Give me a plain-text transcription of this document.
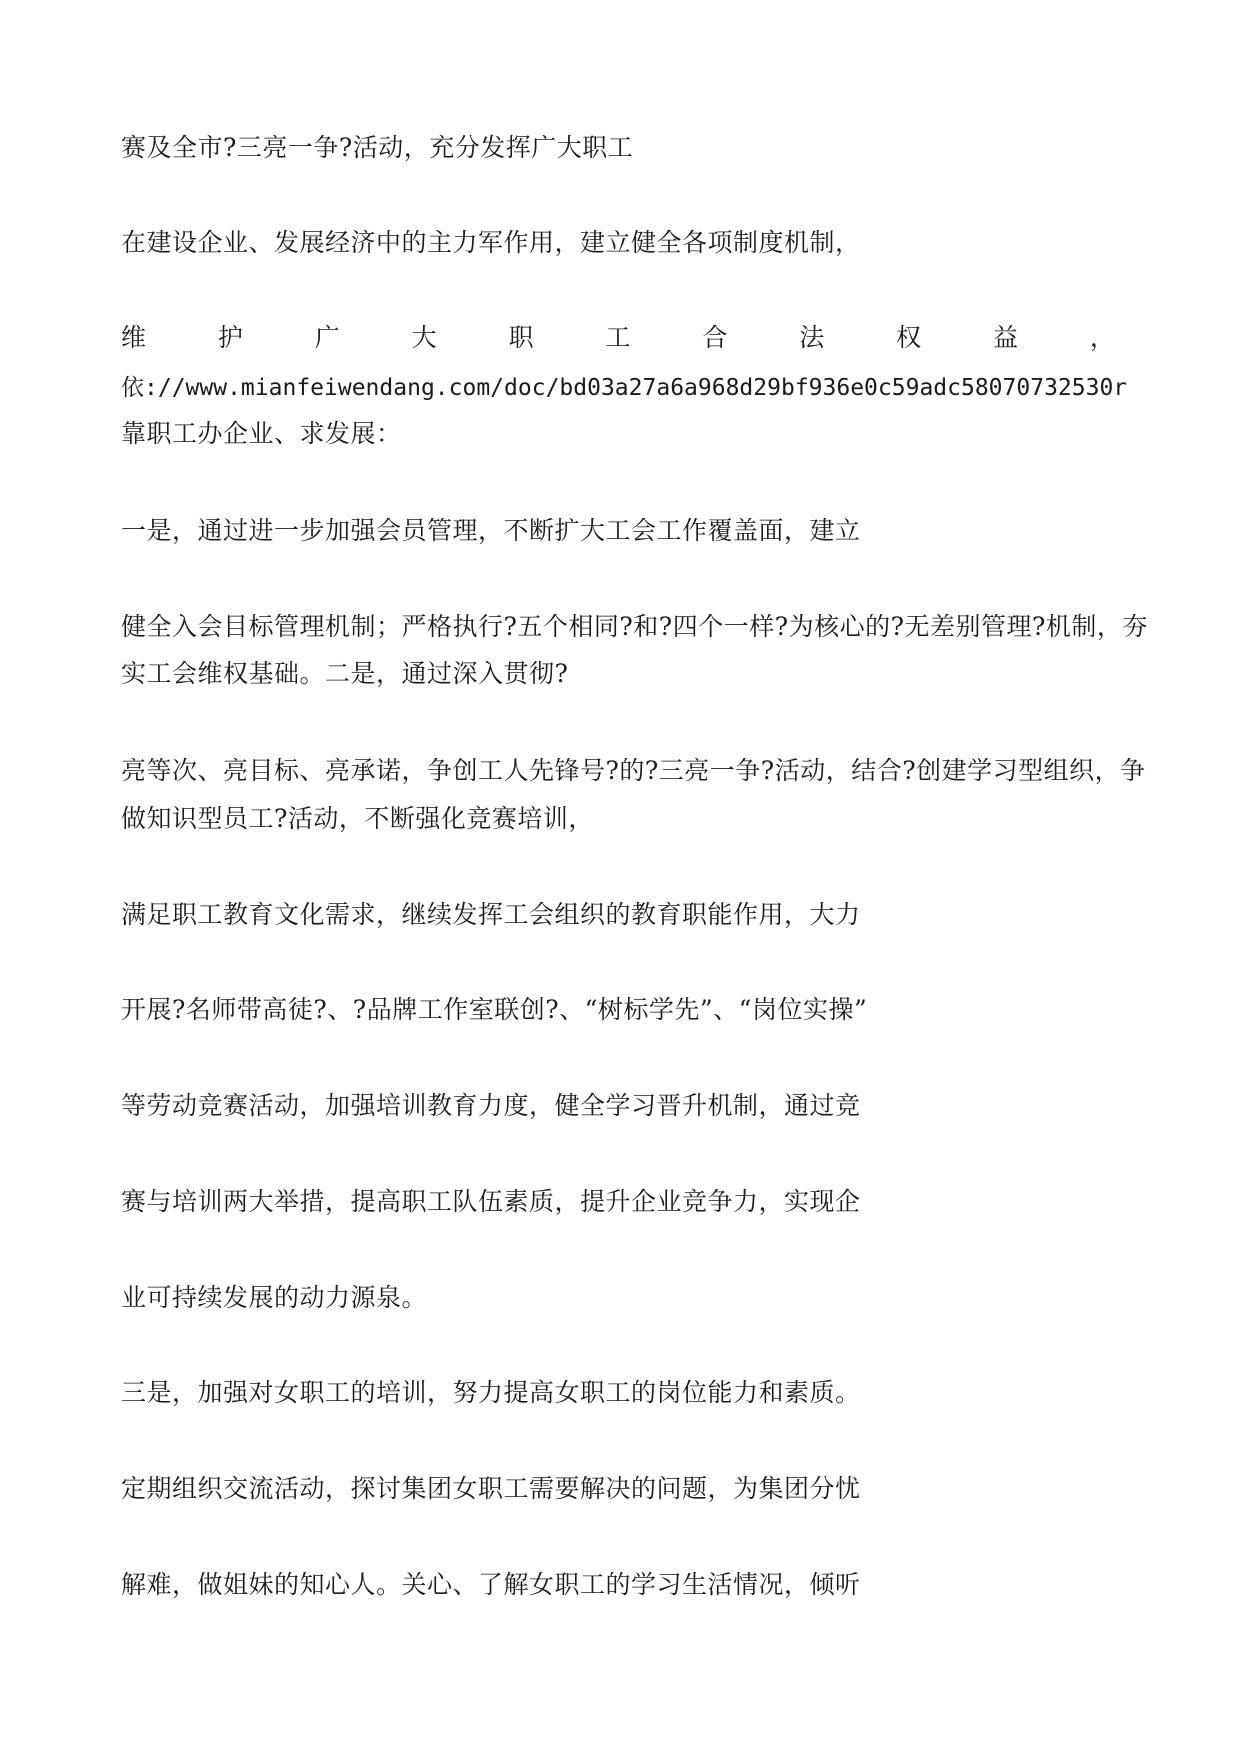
赛及全市?三亮一争?活动，充分发挥广大职工
在建设企业、发展经济中的主力军作用，建立健全各项制度机制，
维	护	广	大	职	工	合	法	权	益	，
依://www.mianfeiwendang.com/doc/bd03a27a6a968d29bf936e0c59adc58070732530r
靠职工办企业、求发展：
一是，通过进一步加强会员管理，不断扩大工会工作覆盖面，建立
健全入会目标管理机制；严格执行?五个相同?和?四个一样?为核心的?无差别管理?机制，夯
实工会维权基础。二是，通过深入贯彻?
亮等次、亮目标、亮承诺，争创工人先锋号?的?三亮一争?活动，结合?创建学习型组织，争
做知识型员工?活动，不断强化竞赛培训，
满足职工教育文化需求，继续发挥工会组织的教育职能作用，大力
开展?名师带高徒?、?品牌工作室联创?、“树标学先”、“岗位实操”
等劳动竞赛活动，加强培训教育力度，健全学习晋升机制，通过竞
赛与培训两大举措，提高职工队伍素质，提升企业竞争力，实现企
业可持续发展的动力源泉。
三是，加强对女职工的培训，努力提高女职工的岗位能力和素质。
定期组织交流活动，探讨集团女职工需要解决的问题，为集团分忧
解难，做姐妹的知心人。关心、了解女职工的学习生活情况，倾听
